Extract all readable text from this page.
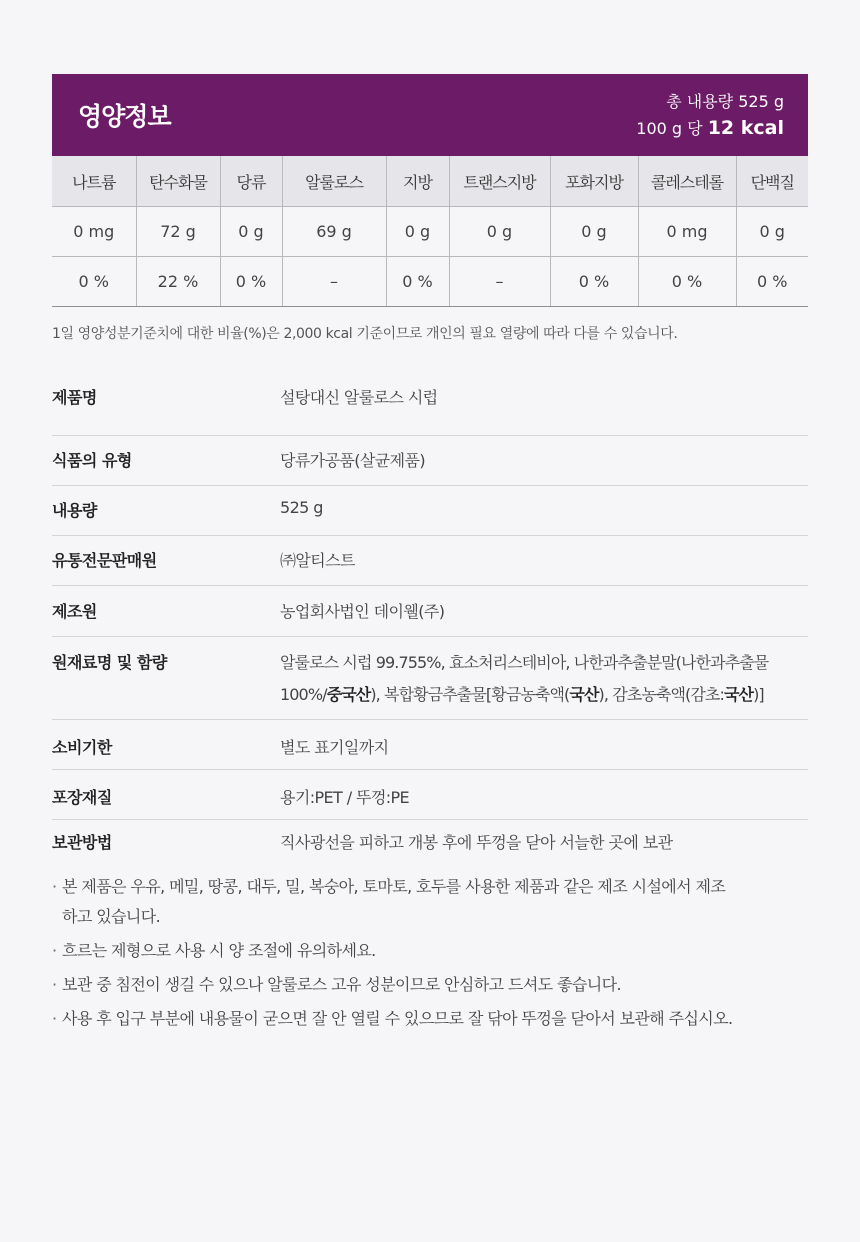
영양정보
총 내용량 525 g
100 g 당 12 kcal
나트륨	탄수화물	당류	알룰로스	지방	트랜스지방	포화지방	콜레스테롤	단백질
0 mg	72 g	0 g	69 g	0 g	0 g	0 g	0 mg	0 g
0 %	22 %	0 %	–	0 %	–	0 %	0 %	0 %
1일 영양성분기준치에 대한 비율(%)은 2,000 kcal 기준이므로 개인의 필요 열량에 따라 다를 수 있습니다.
제품명	설탕대신 알룰로스 시럽
식품의 유형	당류가공품(살균제품)
내용량	525 g
유통전문판매원	㈜알티스트
제조원	농업회사법인 데이웰(주)
원재료명 및 함량	알룰로스 시럽 99.755%, 효소처리스테비아, 나한과추출분말(나한과추출물
100%/중국산), 복합황금추출물[황금농축액(국산), 감초농축액(감초:국산)]
소비기한	별도 표기일까지
포장재질	용기:PET / 뚜껑:PE
보관방법	직사광선을 피하고 개봉 후에 뚜껑을 닫아 서늘한 곳에 보관
· 본 제품은 우유, 메밀, 땅콩, 대두, 밀, 복숭아, 토마토, 호두를 사용한 제품과 같은 제조 시설에서 제조
하고 있습니다.
· 흐르는 제형으로 사용 시 양 조절에 유의하세요.
· 보관 중 침전이 생길 수 있으나 알룰로스 고유 성분이므로 안심하고 드셔도 좋습니다.
· 사용 후 입구 부분에 내용물이 굳으면 잘 안 열릴 수 있으므로 잘 닦아 뚜껑을 닫아서 보관해 주십시오.
